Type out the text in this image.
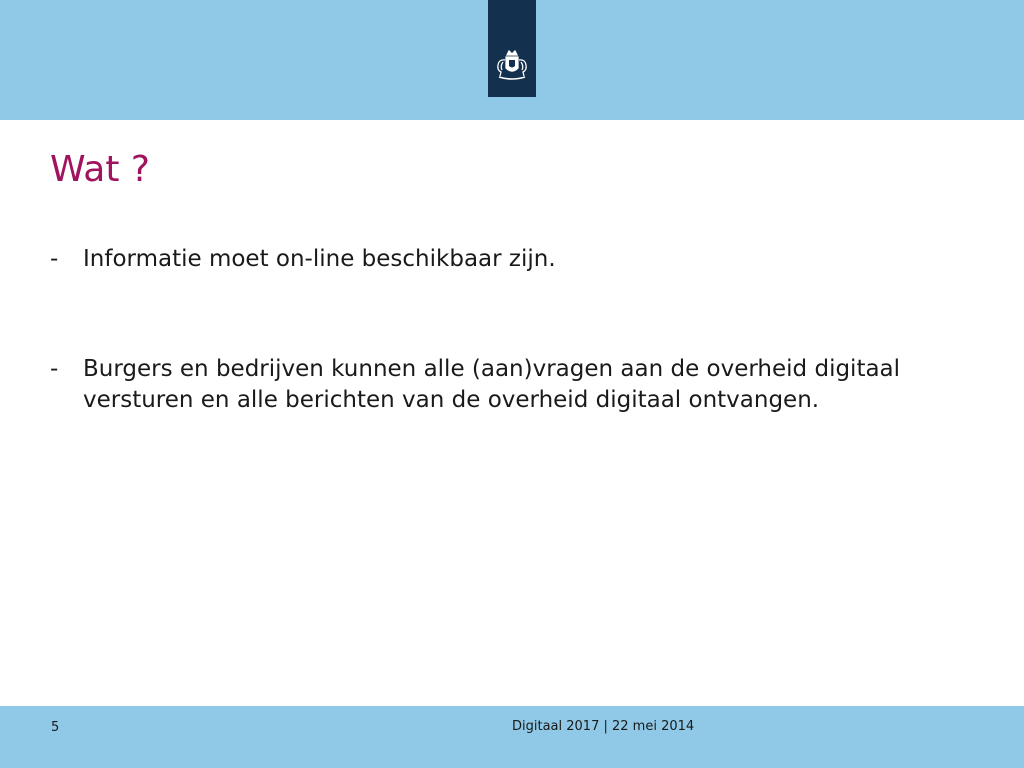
Wat ?
- Informatie moet on-line beschikbaar zijn.
- Burgers en bedrijven kunnen alle (aan)vragen aan de overheid digitaal versturen en alle berichten van de overheid digitaal ontvangen.
5	Digitaal 2017 | 22 mei 2014
